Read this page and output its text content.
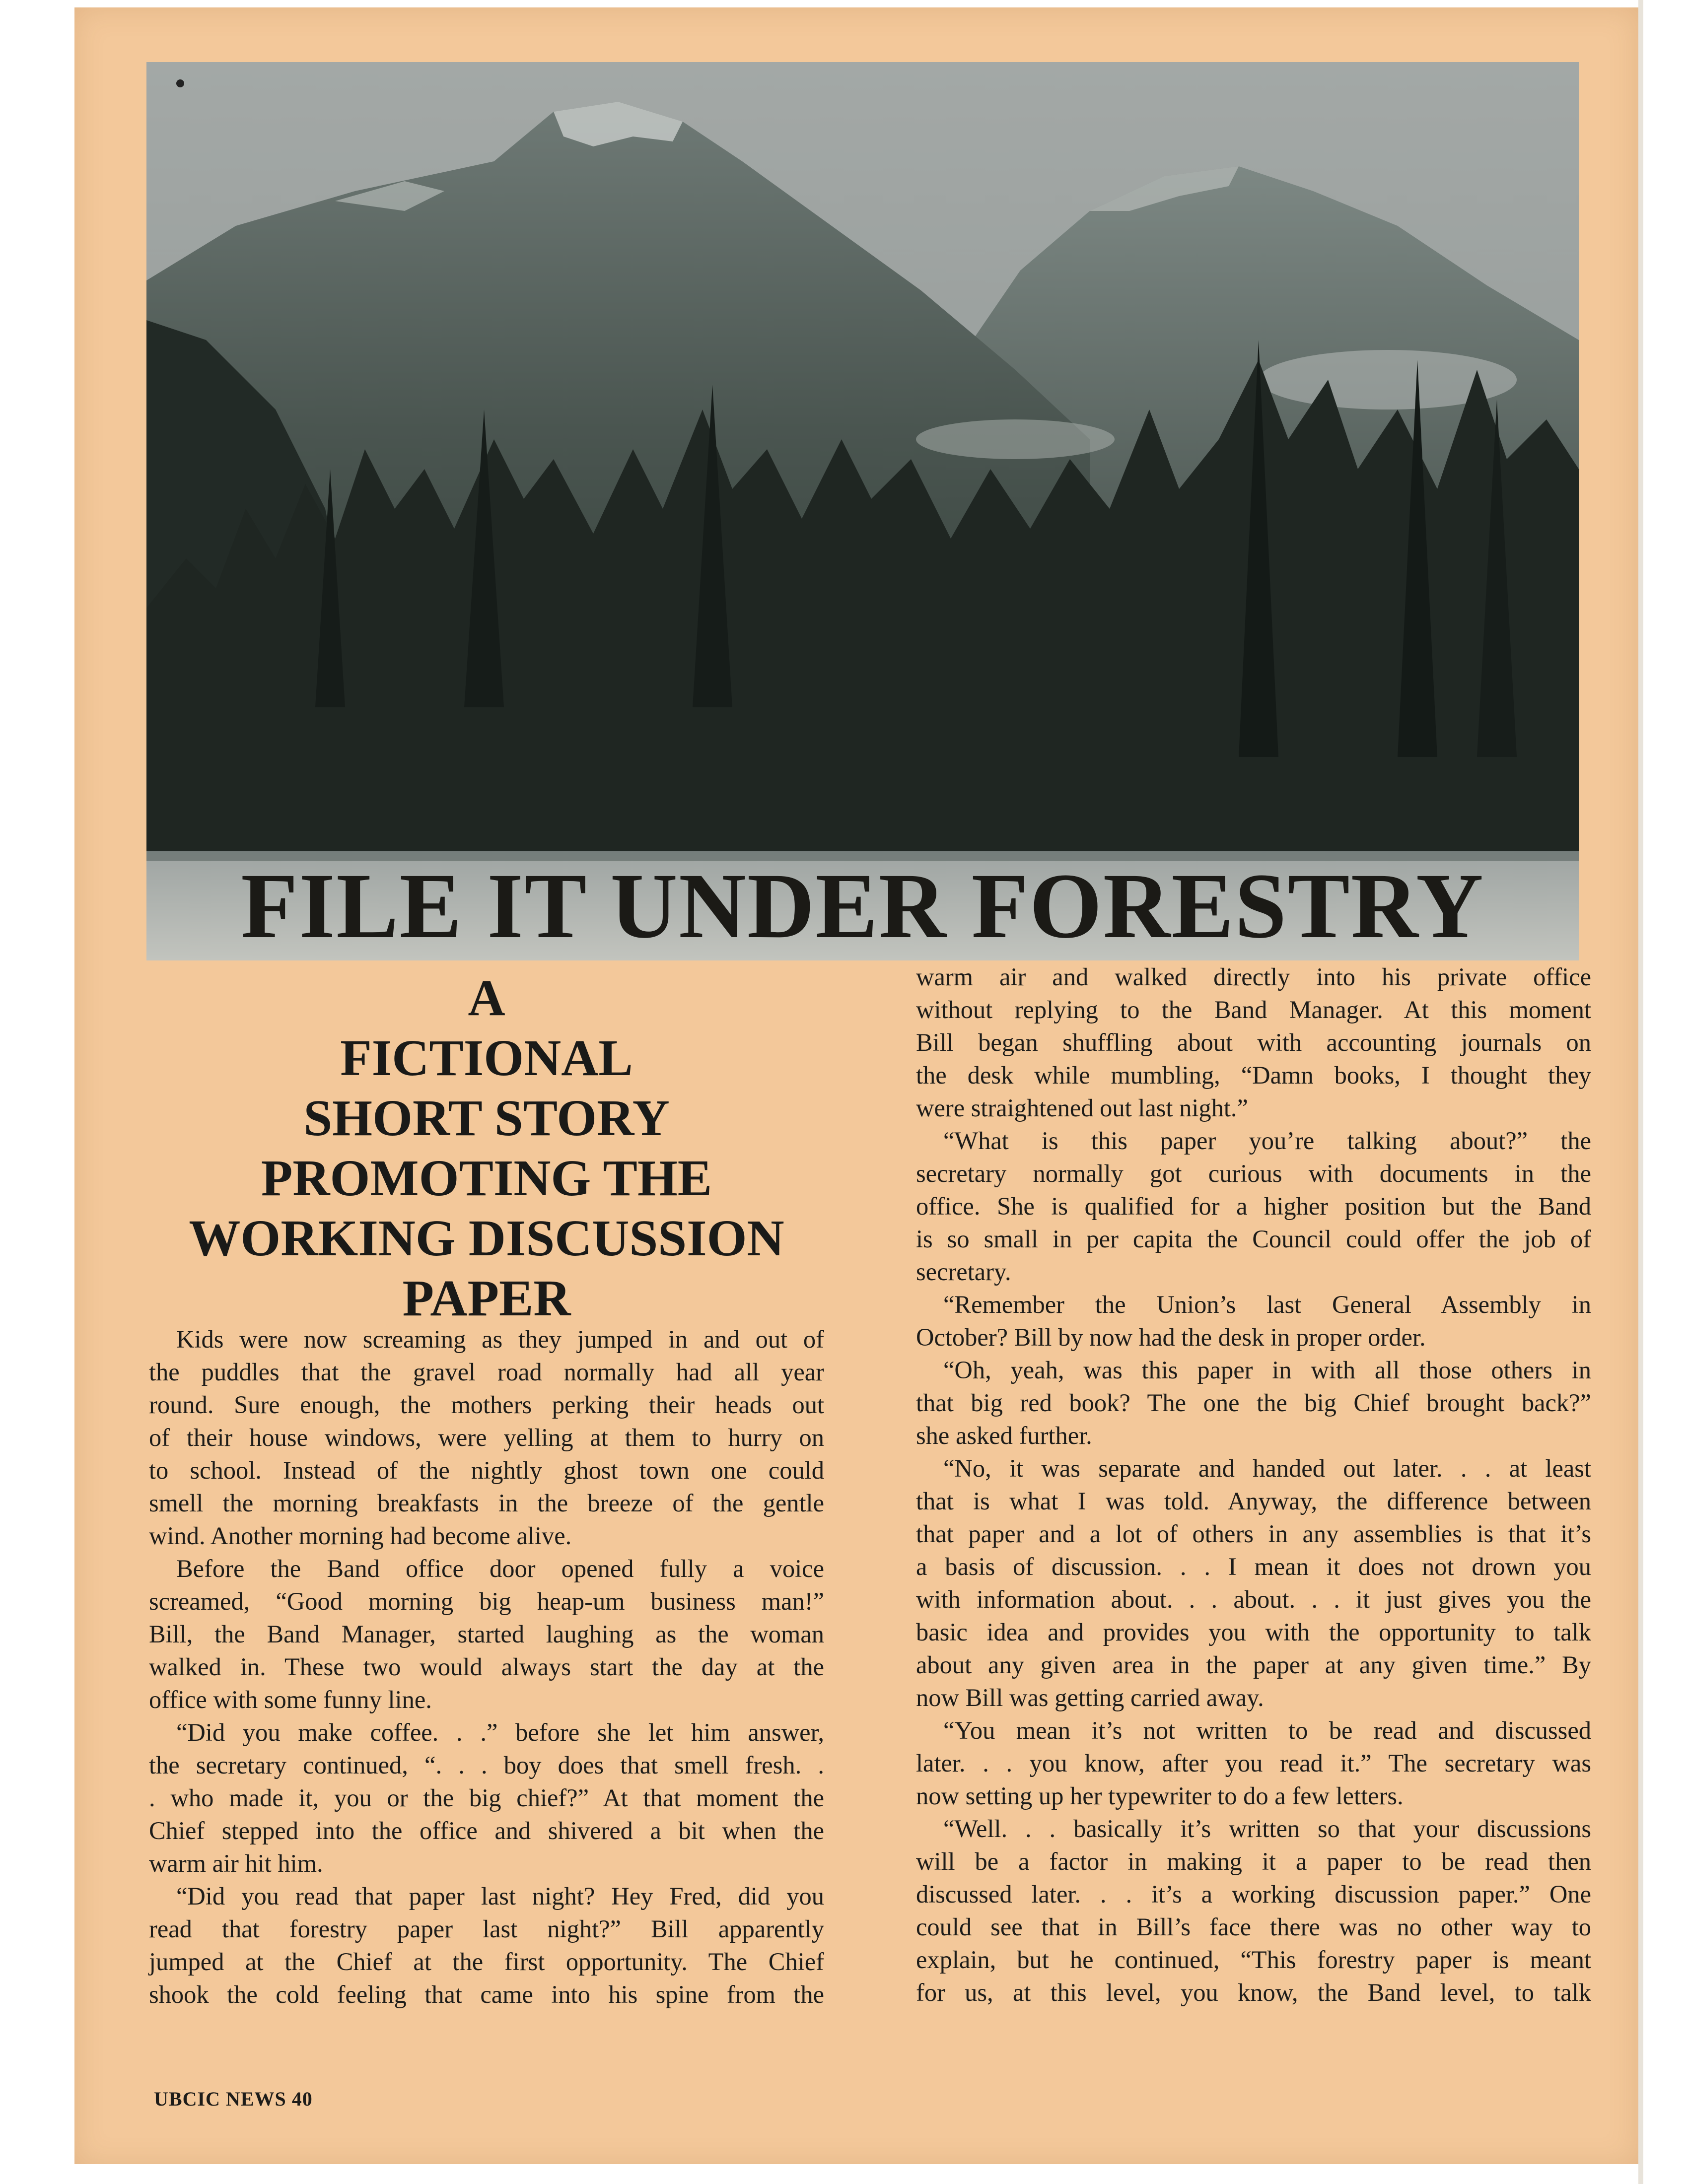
FILE IT UNDER FORESTRY
A
FICTIONAL
SHORT STORY
PROMOTING THE
WORKING DISCUSSION
PAPER

Kids were now screaming as they jumped in and out of

the puddles that the gravel road normally had all year

round. Sure enough, the mothers perking their heads out

of their house windows, were yelling at them to hurry on

to school. Instead of the nightly ghost town one could

smell the morning breakfasts in the breeze of the gentle

wind. Another morning had become alive.

Before the Band office door opened fully a voice

screamed, “Good morning big heap-um business man!”

Bill, the Band Manager, started laughing as the woman

walked in. These two would always start the day at the

office with some funny line.

“Did you make coffee. . .” before she let him answer,

the secretary continued, “. . . boy does that smell fresh. .

. who made it, you or the big chief?” At that moment the

Chief stepped into the office and shivered a bit when the

warm air hit him.

“Did you read that paper last night? Hey Fred, did you

read that forestry paper last night?” Bill apparently

jumped at the Chief at the first opportunity. The Chief

shook the cold feeling that came into his spine from the

warm air and walked directly into his private office

without replying to the Band Manager. At this moment

Bill began shuffling about with accounting journals on

the desk while mumbling, “Damn books, I thought they

were straightened out last night.”

“What is this paper you’re talking about?” the

secretary normally got curious with documents in the

office. She is qualified for a higher position but the Band

is so small in per capita the Council could offer the job of

secretary.

“Remember the Union’s last General Assembly in

October? Bill by now had the desk in proper order.

“Oh, yeah, was this paper in with all those others in

that big red book? The one the big Chief brought back?”

she asked further.

“No, it was separate and handed out later. . . at least

that is what I was told. Anyway, the difference between

that paper and a lot of others in any assemblies is that it’s

a basis of discussion. . . I mean it does not drown you

with information about. . . about. . . it just gives you the

basic idea and provides you with the opportunity to talk

about any given area in the paper at any given time.” By

now Bill was getting carried away.

“You mean it’s not written to be read and discussed

later. . . you know, after you read it.” The secretary was

now setting up her typewriter to do a few letters.

“Well. . . basically it’s written so that your discussions

will be a factor in making it a paper to be read then

discussed later. . . it’s a working discussion paper.” One

could see that in Bill’s face there was no other way to

explain, but he continued, “This forestry paper is meant

for us, at this level, you know, the Band level, to talk

UBCIC NEWS 40
